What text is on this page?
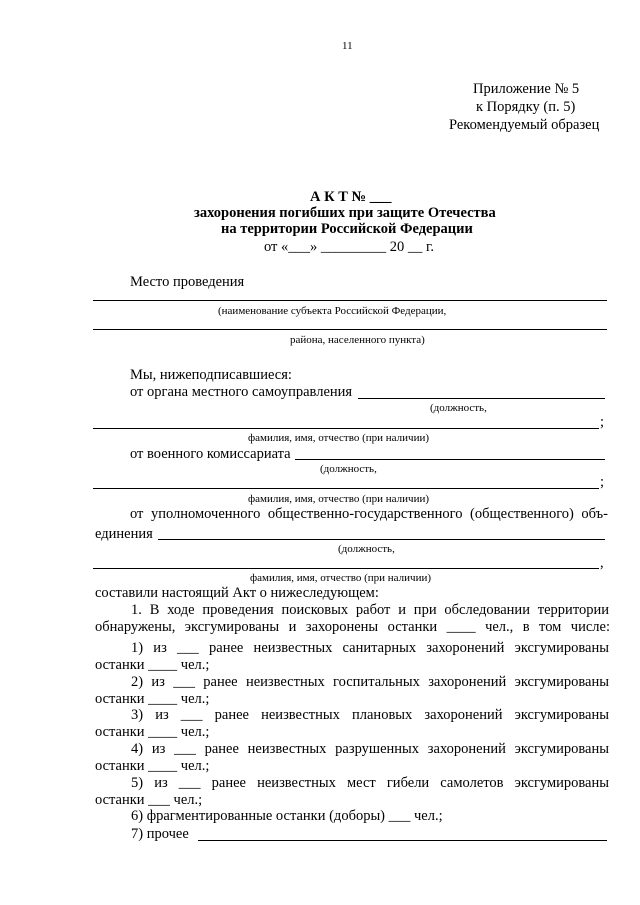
11
Приложение № 5
к Порядку (п. 5)
Рекомендуемый образец
А К Т № ___
захоронения погибших при защите Отечества
на территории Российской Федерации
от «___» _________ 20 __ г.
Место проведения
(наименование субъекта Российской Федерации,
района, населенного пункта)
Мы, нижеподписавшиеся:
от органа местного самоуправления
(должность,
;
фамилия, имя, отчество (при наличии)
от военного комиссариата
(должность,
;
фамилия, имя, отчество (при наличии)
от уполномоченного общественно-государственного (общественного) объ-
единения
(должность,
,
фамилия, имя, отчество (при наличии)
составили настоящий Акт о нижеследующем:
1. В ходе проведения поисковых работ и при обследовании территории
обнаружены, эксгумированы и захоронены останки ____ чел., в том числе:
1) из ___ ранее неизвестных санитарных захоронений эксгумированы
останки ____ чел.;
2) из ___ ранее неизвестных госпитальных захоронений эксгумированы
останки ____ чел.;
3) из ___ ранее неизвестных плановых захоронений эксгумированы
останки ____ чел.;
4) из ___ ранее неизвестных разрушенных захоронений эксгумированы
останки ____ чел.;
5) из ___ ранее неизвестных мест гибели самолетов эксгумированы
останки ___ чел.;
6) фрагментированные останки (доборы) ___ чел.;
7) прочее
